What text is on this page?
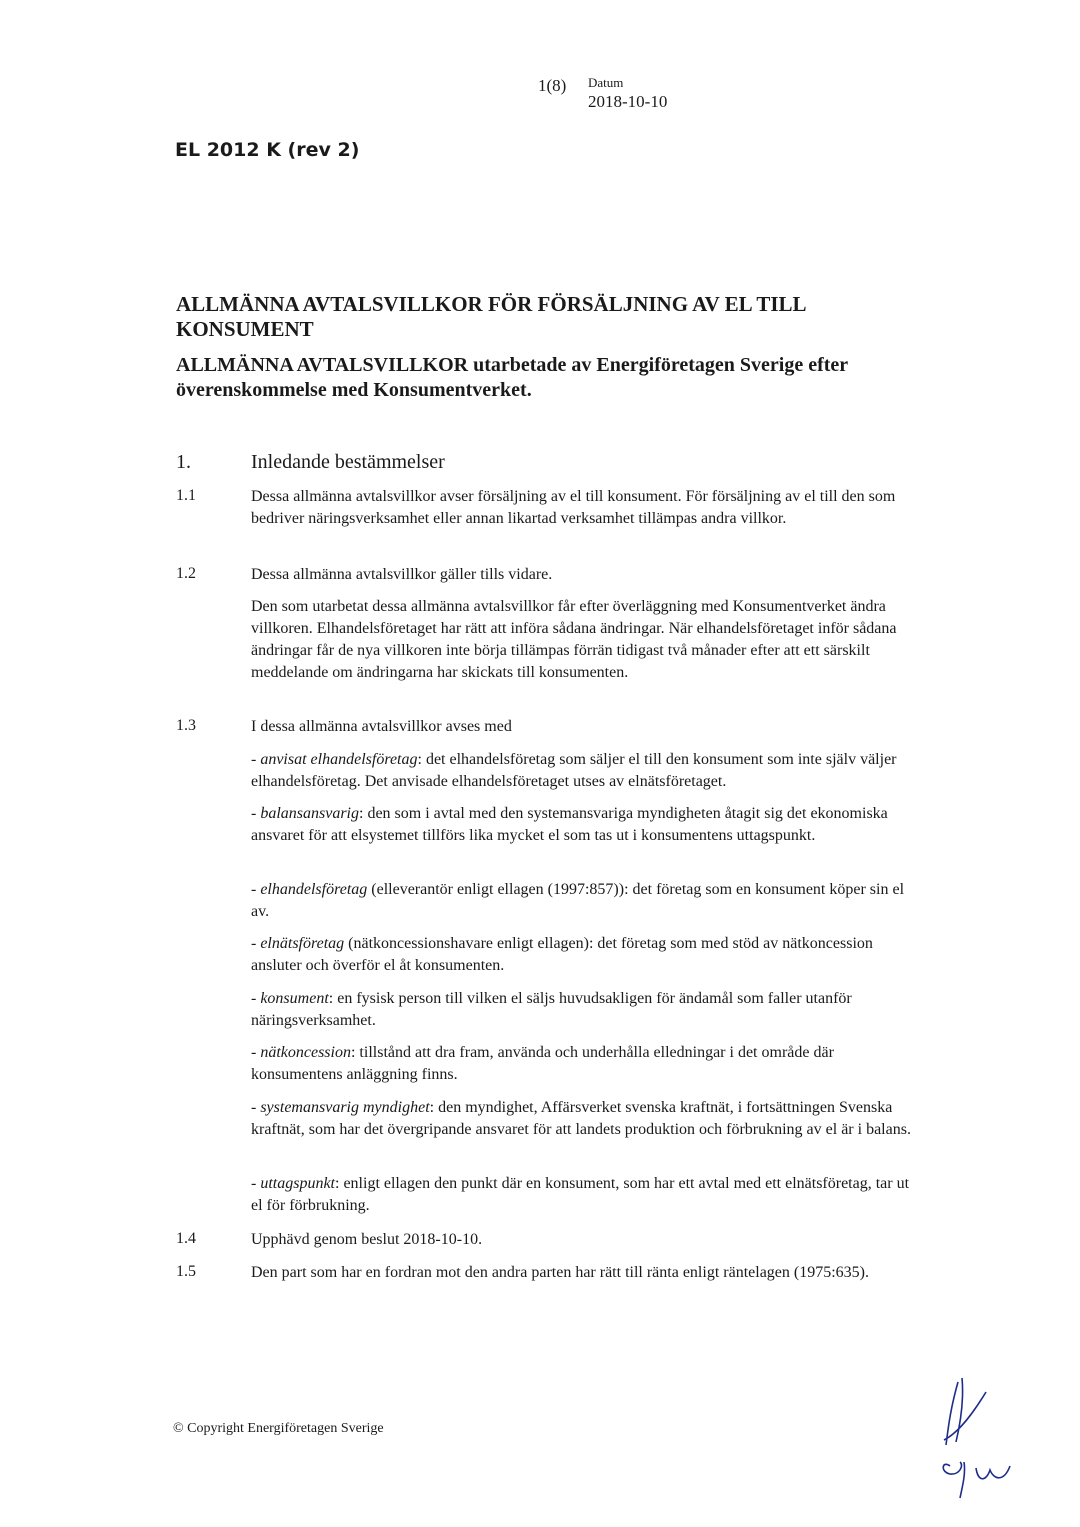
1(8) Datum
2018-10-10
EL 2012 K (rev 2)
ALLMÄNNA AVTALSVILLKOR FÖR FÖRSÄLJNING AV EL TILL KONSUMENT
ALLMÄNNA AVTALSVILLKOR utarbetade av Energiföretagen Sverige efter överenskommelse med Konsumentverket.
1.	Inledande bestämmelser
1.1	Dessa allmänna avtalsvillkor avser försäljning av el till konsument. För försäljning av el till den som bedriver näringsverksamhet eller annan likartad verksamhet tillämpas andra villkor.
1.2	Dessa allmänna avtalsvillkor gäller tills vidare.
Den som utarbetat dessa allmänna avtalsvillkor får efter överläggning med Konsumentverket ändra villkoren. Elhandelsföretaget har rätt att införa sådana ändringar. När elhandelsföretaget inför sådana ändringar får de nya villkoren inte börja tillämpas förrän tidigast två månader efter att ett särskilt meddelande om ändringarna har skickats till konsumenten.
1.3	I dessa allmänna avtalsvillkor avses med
- anvisat elhandelsföretag: det elhandelsföretag som säljer el till den konsument som inte själv väljer elhandelsföretag. Det anvisade elhandelsföretaget utses av elnätsföretaget.
- balansansvarig: den som i avtal med den systemansvariga myndigheten åtagit sig det ekonomiska ansvaret för att elsystemet tillförs lika mycket el som tas ut i konsumentens uttagspunkt.
- elhandelsföretag (elleverantör enligt ellagen (1997:857)): det företag som en konsument köper sin el av.
- elnätsföretag (nätkoncessionshavare enligt ellagen): det företag som med stöd av nätkoncession ansluter och överför el åt konsumenten.
- konsument: en fysisk person till vilken el säljs huvudsakligen för ändamål som faller utanför näringsverksamhet.
- nätkoncession: tillstånd att dra fram, använda och underhålla elledningar i det område där konsumentens anläggning finns.
- systemansvarig myndighet: den myndighet, Affärsverket svenska kraftnät, i fortsättningen Svenska kraftnät, som har det övergripande ansvaret för att landets produktion och förbrukning av el är i balans.
- uttagspunkt: enligt ellagen den punkt där en konsument, som har ett avtal med ett elnätsföretag, tar ut el för förbrukning.
1.4	Upphävd genom beslut 2018-10-10.
1.5	Den part som har en fordran mot den andra parten har rätt till ränta enligt räntelagen (1975:635).
© Copyright Energiföretagen Sverige
